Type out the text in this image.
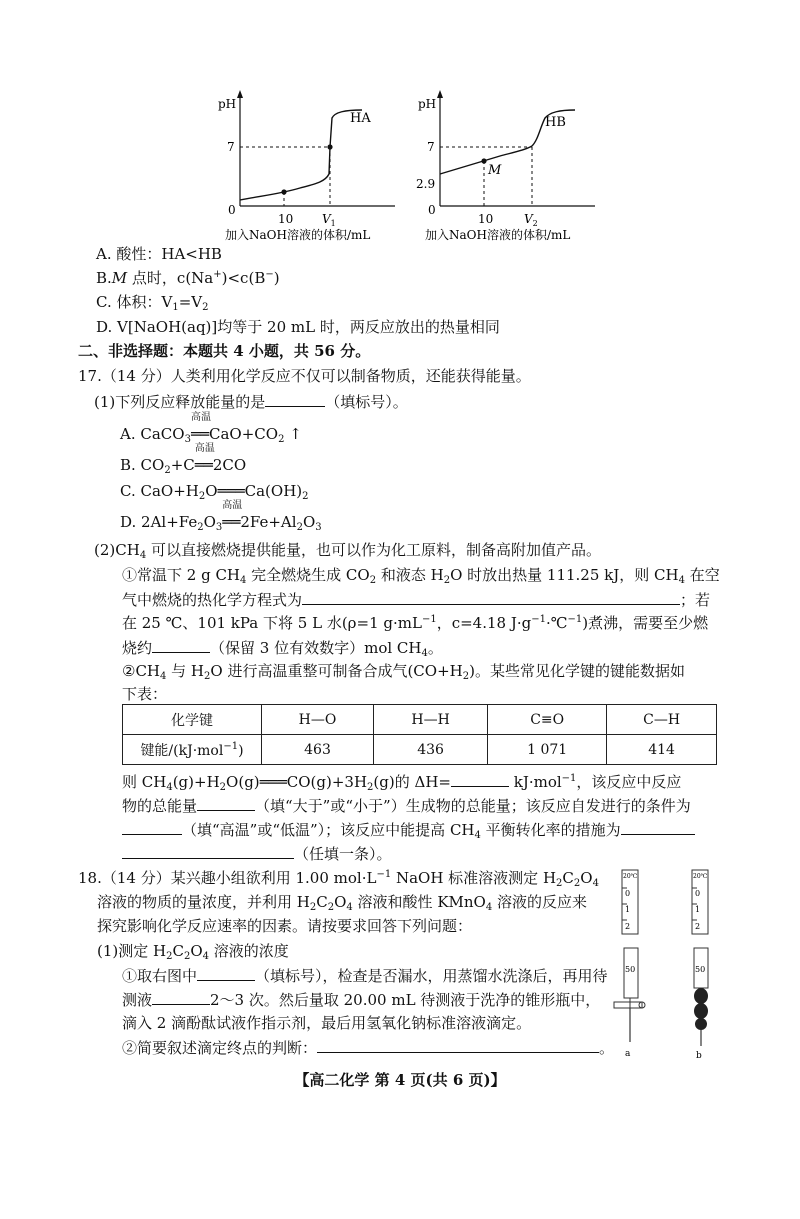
pH
HA
7
0
10 $V_1$
加入NaOH溶液的体积/mL
pH
HB
7
2.9
0
M
10	$V_2$
加入NaOH溶液的体积/mL
A. 酸性：HA<HB
B.M 点时，c(Na+)<c(B−)
C. 体积：$V_1=V_2$
D. V[NaOH(aq)]均等于 20 mL 时，两反应放出的热量相同
二、非选择题：本题共 4 小题，共 56 分。
17.（14 分）人类利用化学反应不仅可以制备物质，还能获得能量。
(1)下列反应释放能量的是	（填标号）。
A. CaCO$_3$
高温
$══CaO+CO_2$ ↑
B. $CO_2+C$
高温
══2CO
C. $CaO+H_2O═══Ca(OH)_2$
D. $2Al+Fe_2O_3$
高温
$══2Fe+Al_2O_3$
$(2)CH_4$ 可以直接燃烧提供能量，也可以作为化工原料，制备高附加值产品。
①常温下 2 g $CH_4$ 完全燃烧生成 $CO_2$ 和液态 $H_2O$ 时放出热量 111.25 kJ，则 $CH_4$ 在空
气中燃烧的热化学方程式为	；若
在 25 ℃、101 kPa 下将 5 L 水(ρ=1 $g\cdot mL^{-1}$，c=4.18 $J\cdot g^{-1}\cdot℃^{-1}$)煮沸，需要至少燃
烧约	（保留 3 位有效数字）mol $CH_4$。
$②CH_4$ 与 $H_2O$ 进行高温重整可制备合成气$(CO+H_2)$。某些常见化学键的键能数据如
下表：
化学键	H—O	H—H	C≡O	C—H
键能/(kJ·mol$^{-1}$)	463	436	1 071	414
则 $CH_4(g)+H_2O(g)═══CO(g)+3H_2(g)$的 ΔH=	kJ·mol$^{-1}$，该反应中反应
物的总能量	（填“大于”或“小于”）生成物的总能量；该反应自发进行的条件为
（填“高温”或“低温”）；该反应中能提高 $CH_4$ 平衡转化率的措施为
（任填一条）。
18.（14 分）某兴趣小组欲利用 1.00 $mol\cdot L^{-1}$ NaOH 标准溶液测定 $H_2C_2O_4$
溶液的物质的量浓度，并利用 $H_2C_2O_4$ 溶液和酸性 KMnO$_4$ 溶液的反应来
探究影响化学反应速率的因素。请按要求回答下列问题：
(1)测定 $H_2C_2O_4$ 溶液的浓度
①取右图中	（填标号），检查是否漏水，用蒸馏水洗涤后，再用待
测液	2～3 次。然后量取 20.00 mL 待测液于洗净的锥形瓶中，
滴入 2 滴酚酞试液作指示剂，最后用氢氧化钠标准溶液滴定。
②简要叙述滴定终点的判断：	。
20℃
0
1
2
50
a
20℃
0
1
2
50
b
【高二化学 第 4 页(共 6 页)】
